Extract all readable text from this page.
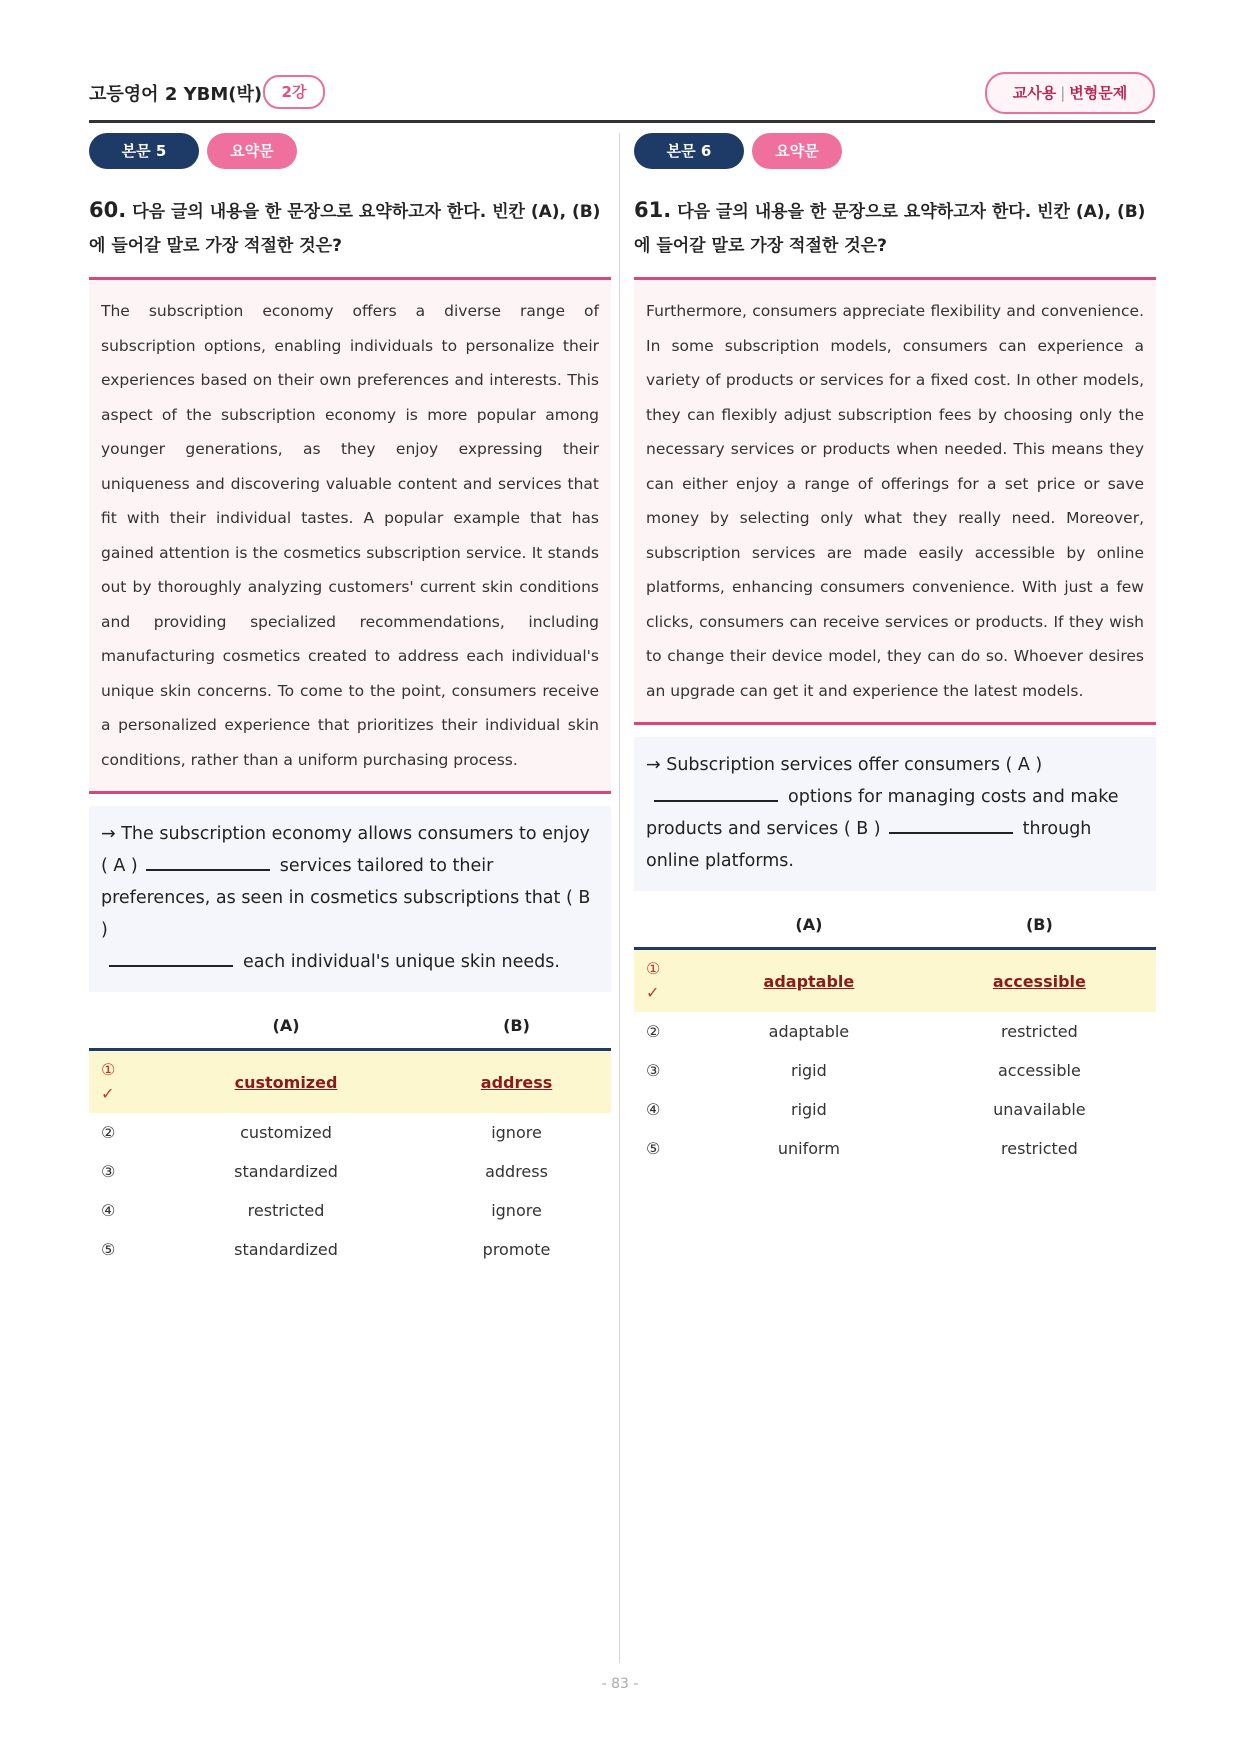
고등영어 2 YBM(박)	2강	교사용 | 변형문제
본문 5	요약문
60. 다음 글의 내용을 한 문장으로 요약하고자 한다. 빈칸 (A), (B)에 들어갈 말로 가장 적절한 것은?

The subscription economy offers a diverse range of subscription options, enabling individuals to personalize their experiences based on their own preferences and interests. This aspect of the subscription economy is more popular among younger generations, as they enjoy expressing their uniqueness and discovering valuable content and services that fit with their individual tastes. A popular example that has gained attention is the cosmetics subscription service. It stands out by thoroughly analyzing customers' current skin conditions and providing specialized recommendations, including manufacturing cosmetics created to address each individual's unique skin concerns. To come to the point, consumers receive a personalized experience that prioritizes their individual skin conditions, rather than a uniform purchasing process.

→ The subscription economy allows consumers to enjoy ( A )	services tailored to their preferences, as seen in cosmetics subscriptions that ( B )
each individual's unique skin needs.
	(A)	(B)
①
✓	customized	address
②	customized	ignore
③	standardized	address
④	restricted	ignore
⑤	standardized	promote
본문 6	요약문
61. 다음 글의 내용을 한 문장으로 요약하고자 한다. 빈칸 (A), (B)에 들어갈 말로 가장 적절한 것은?

Furthermore, consumers appreciate flexibility and convenience. In some subscription models, consumers can experience a variety of products or services for a fixed cost. In other models, they can flexibly adjust subscription fees by choosing only the necessary services or products when needed. This means they can either enjoy a range of offerings for a set price or save money by selecting only what they really need. Moreover, subscription services are made easily accessible by online platforms, enhancing consumers convenience. With just a few clicks, consumers can receive services or products. If they wish to change their device model, they can do so. Whoever desires an upgrade can get it and experience the latest models.

→ Subscription services offer consumers ( A )
options for managing costs and make products and services ( B )	through online platforms.
	(A)	(B)
①
✓	adaptable	accessible
②	adaptable	restricted
③	rigid	accessible
④	rigid	unavailable
⑤	uniform	restricted
- 83 -
